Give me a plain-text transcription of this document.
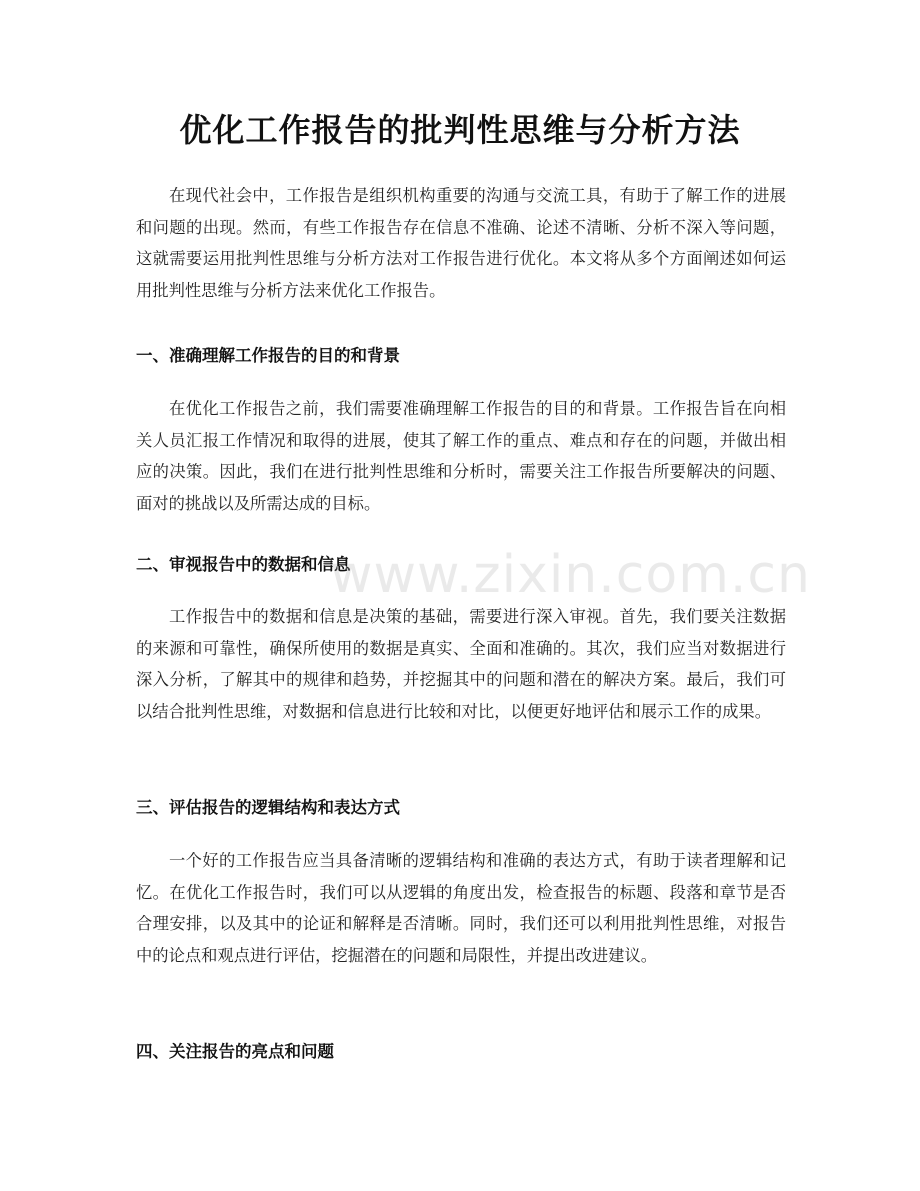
优化工作报告的批判性思维与分析方法

在现代社会中，工作报告是组织机构重要的沟通与交流工具，有助于了解工作的进展和问题的出现。然而，有些工作报告存在信息不准确、论述不清晰、分析不深入等问题，这就需要运用批判性思维与分析方法对工作报告进行优化。本文将从多个方面阐述如何运用批判性思维与分析方法来优化工作报告。

一、准确理解工作报告的目的和背景

在优化工作报告之前，我们需要准确理解工作报告的目的和背景。工作报告旨在向相关人员汇报工作情况和取得的进展，使其了解工作的重点、难点和存在的问题，并做出相应的决策。因此，我们在进行批判性思维和分析时，需要关注工作报告所要解决的问题、面对的挑战以及所需达成的目标。

二、审视报告中的数据和信息

工作报告中的数据和信息是决策的基础，需要进行深入审视。首先，我们要关注数据的来源和可靠性，确保所使用的数据是真实、全面和准确的。其次，我们应当对数据进行深入分析，了解其中的规律和趋势，并挖掘其中的问题和潜在的解决方案。最后，我们可以结合批判性思维，对数据和信息进行比较和对比，以便更好地评估和展示工作的成果。

三、评估报告的逻辑结构和表达方式

一个好的工作报告应当具备清晰的逻辑结构和准确的表达方式，有助于读者理解和记忆。在优化工作报告时，我们可以从逻辑的角度出发，检查报告的标题、段落和章节是否合理安排，以及其中的论证和解释是否清晰。同时，我们还可以利用批判性思维，对报告中的论点和观点进行评估，挖掘潜在的问题和局限性，并提出改进建议。

四、关注报告的亮点和问题
www.zixin.com.cn
